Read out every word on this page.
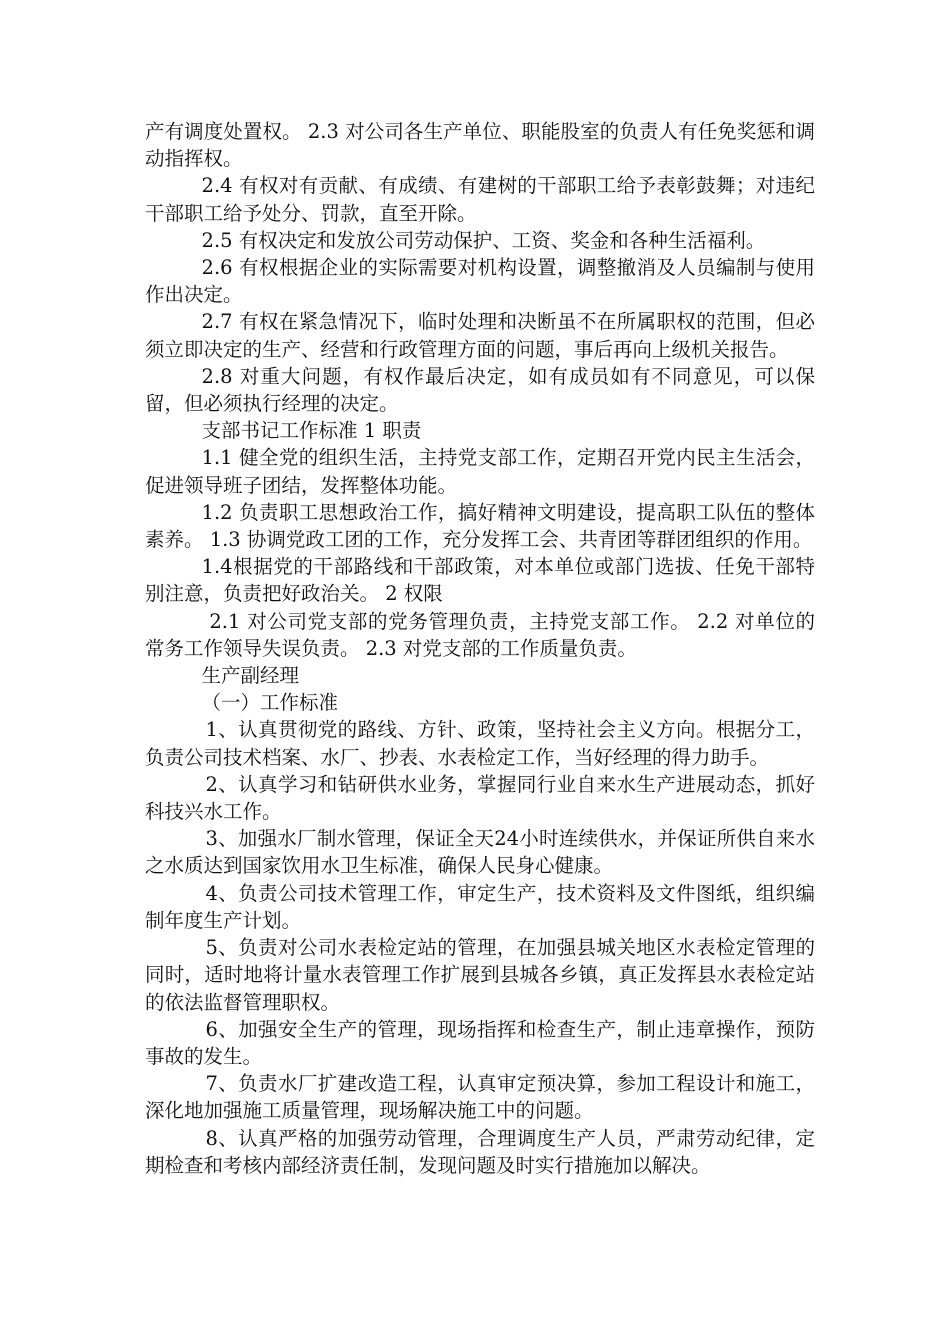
产有调度处置权。 2.3 对公司各生产单位、职能股室的负责人有任免奖惩和调动指挥权。

2.4 有权对有贡献、有成绩、有建树的干部职工给予表彰鼓舞；对违纪干部职工给予处分、罚款，直至开除。

2.5 有权决定和发放公司劳动保护、工资、奖金和各种生活福利。

2.6 有权根据企业的实际需要对机构设置，调整撤消及人员编制与使用作出决定。

2.7 有权在紧急情况下，临时处理和决断虽不在所属职权的范围，但必须立即决定的生产、经营和行政管理方面的问题，事后再向上级机关报告。

2.8 对重大问题，有权作最后决定，如有成员如有不同意见，可以保留，但必须执行经理的决定。

支部书记工作标准 1 职责

1.1 健全党的组织生活，主持党支部工作，定期召开党内民主生活会，促进领导班子团结，发挥整体功能。

1.2 负责职工思想政治工作，搞好精神文明建设，提高职工队伍的整体素养。 1.3 协调党政工团的工作，充分发挥工会、共青团等群团组织的作用。

1.4根据党的干部路线和干部政策，对本单位或部门选拔、任免干部特别注意，负责把好政治关。 2 权限

2.1 对公司党支部的党务管理负责，主持党支部工作。 2.2 对单位的常务工作领导失误负责。 2.3 对党支部的工作质量负责。

生产副经理

（一）工作标准

1、认真贯彻党的路线、方针、政策，坚持社会主义方向。根据分工，负责公司技术档案、水厂、抄表、水表检定工作，当好经理的得力助手。

2、认真学习和钻研供水业务，掌握同行业自来水生产进展动态，抓好科技兴水工作。

3、加强水厂制水管理，保证全天24小时连续供水，并保证所供自来水之水质达到国家饮用水卫生标准，确保人民身心健康。

4、负责公司技术管理工作，审定生产，技术资料及文件图纸，组织编制年度生产计划。

5、负责对公司水表检定站的管理，在加强县城关地区水表检定管理的同时，适时地将计量水表管理工作扩展到县城各乡镇，真正发挥县水表检定站的依法监督管理职权。

6、加强安全生产的管理，现场指挥和检查生产，制止违章操作，预防事故的发生。

7、负责水厂扩建改造工程，认真审定预决算，参加工程设计和施工，深化地加强施工质量管理，现场解决施工中的问题。

8、认真严格的加强劳动管理，合理调度生产人员，严肃劳动纪律，定期检查和考核内部经济责任制，发现问题及时实行措施加以解决。
